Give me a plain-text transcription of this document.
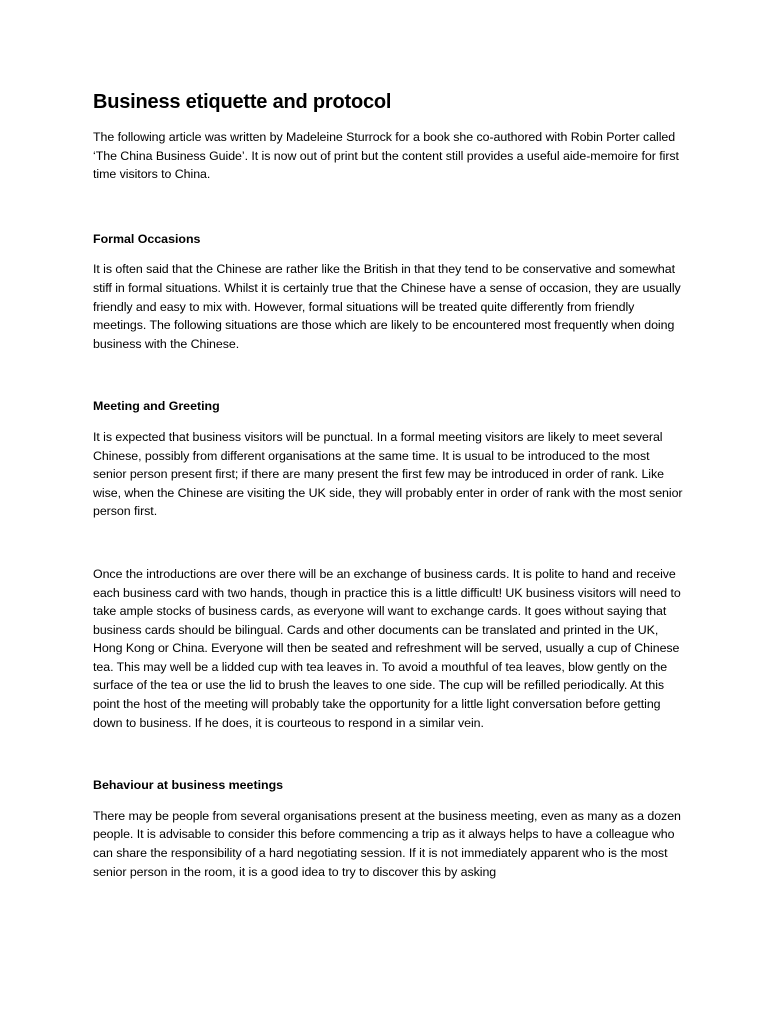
Business etiquette and protocol

The following article was written by Madeleine Sturrock for a book she co-authored with Robin Porter called ‘The China Business Guide’. It is now out of print but the content still provides a useful aide-memoire for first time visitors to China.

Formal Occasions

It is often said that the Chinese are rather like the British in that they tend to be conservative and somewhat stiff in formal situations. Whilst it is certainly true that the Chinese have a sense of occasion, they are usually friendly and easy to mix with. However, formal situations will be treated quite differently from friendly meetings. The following situations are those which are likely to be encountered most frequently when doing business with the Chinese.

Meeting and Greeting

It is expected that business visitors will be punctual. In a formal meeting visitors are likely to meet several Chinese, possibly from different organisations at the same time. It is usual to be introduced to the most senior person present first; if there are many present the first few may be introduced in order of rank. Like wise, when the Chinese are visiting the UK side, they will probably enter in order of rank with the most senior person first.

Once the introductions are over there will be an exchange of business cards. It is polite to hand and receive each business card with two hands, though in practice this is a little difficult! UK business visitors will need to take ample stocks of business cards, as everyone will want to exchange cards. It goes without saying that business cards should be bilingual. Cards and other documents can be translated and printed in the UK, Hong Kong or China. Everyone will then be seated and refreshment will be served, usually a cup of Chinese tea. This may well be a lidded cup with tea leaves in. To avoid a mouthful of tea leaves, blow gently on the surface of the tea or use the lid to brush the leaves to one side. The cup will be refilled periodically. At this point the host of the meeting will probably take the opportunity for a little light conversation before getting down to business. If he does, it is courteous to respond in a similar vein.

Behaviour at business meetings

There may be people from several organisations present at the business meeting, even as many as a dozen people. It is advisable to consider this before commencing a trip as it always helps to have a colleague who can share the responsibility of a hard negotiating session. If it is not immediately apparent who is the most senior person in the room, it is a good idea to try to discover this by asking
